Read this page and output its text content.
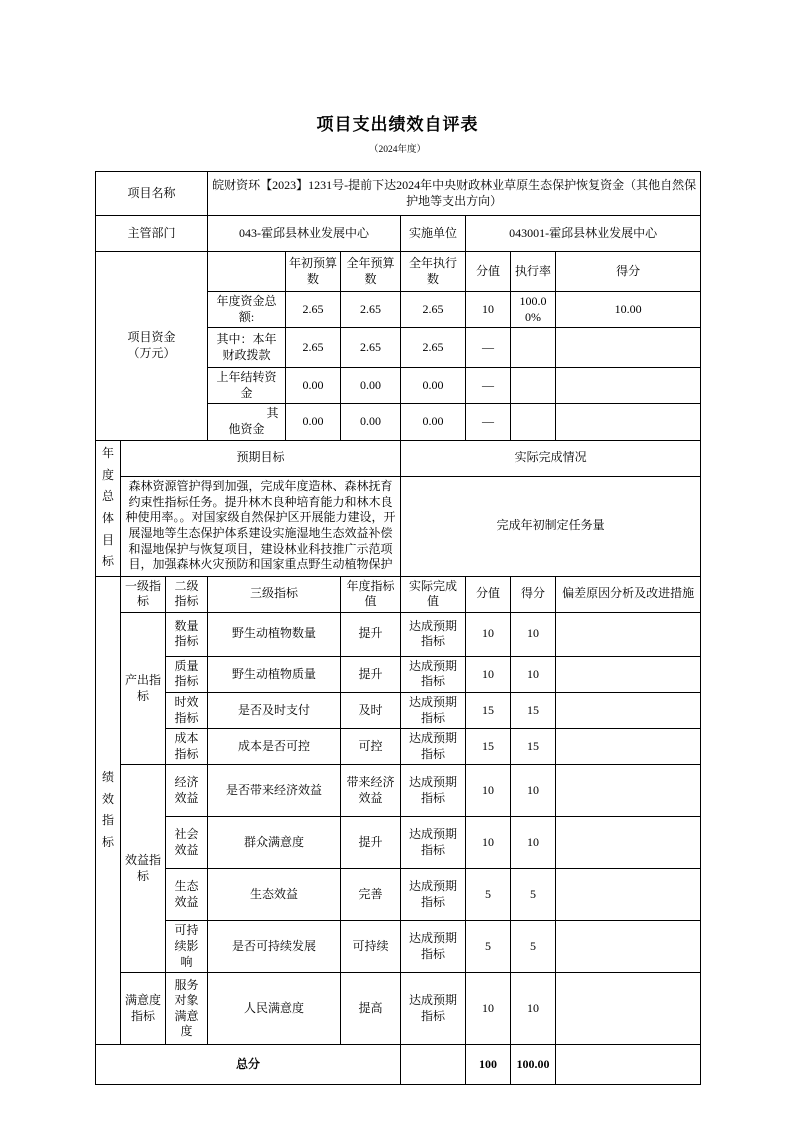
项目支出绩效自评表
（2024年度）
项目名称			皖财资环【2023】1231号-提前下达2024年中央财政林业草原生态保护恢复资金（其他自然保护地等支出方向）						
主管部门			043-霍邱县林业发展中心			实施单位	043001-霍邱县林业发展中心		
项目资金（万元）				年初预算数	全年预算数	全年执行数	分值	执行率	得分
			年度资金总额:	2.65	2.65	2.65	10	100.00%	10.00
			其中：本年财政拨款	2.65	2.65	2.65	—		
			上年结转资金	0.00	0.00	0.00	—		
			其他资金	0.00	0.00	0.00	—		
年度总体目标	预期目标					实际完成情况			
	森林资源管护得到加强，完成年度造林、森林抚育约束性指标任务。提升林木良种培育能力和林木良种使用率。。对国家级自然保护区开展能力建设，开展湿地等生态保护体系建设实施湿地生态效益补偿和湿地保护与恢复项目，建设林业科技推广示范项目，加强森林火灾预防和国家重点野生动植物保护					完成年初制定任务量			
绩效指标	一级指标	二级指标	三级指标		年度指标值	实际完成值	分值	得分	偏差原因分析及改进措施
	产出指标	数量指标	野生动植物数量		提升	达成预期指标	10	10	
		质量指标	野生动植物质量		提升	达成预期指标	10	10	
		时效指标	是否及时支付		及时	达成预期指标	15	15	
		成本指标	成本是否可控		可控	达成预期指标	15	15	
	效益指标	经济效益	是否带来经济效益		带来经济效益	达成预期指标	10	10	
		社会效益	群众满意度		提升	达成预期指标	10	10	
		生态效益	生态效益		完善	达成预期指标	5	5	
		可持续影响	是否可持续发展		可持续	达成预期指标	5	5	
	满意度指标	服务对象满意度	人民满意度		提高	达成预期指标	10	10	
总分							100	100.00	
